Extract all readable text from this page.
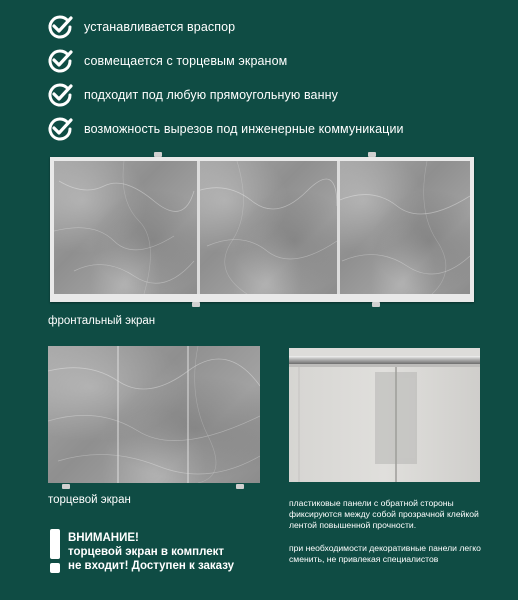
устанавливается враспор
совмещается с торцевым экраном
подходит под любую прямоугольную ванну
возможность вырезов под инженерные коммуникации
фронтальный экран
торцевой экран	пластиковые панели с обратной стороны фиксируются между собой прозрачной клейкой лентой повышенной прочности.
при необходимости декоративные панели легко сменить, не привлекая специалистов
ВНИМАНИЕ!
торцевой экран в комплект
не входит! Доступен к заказу
